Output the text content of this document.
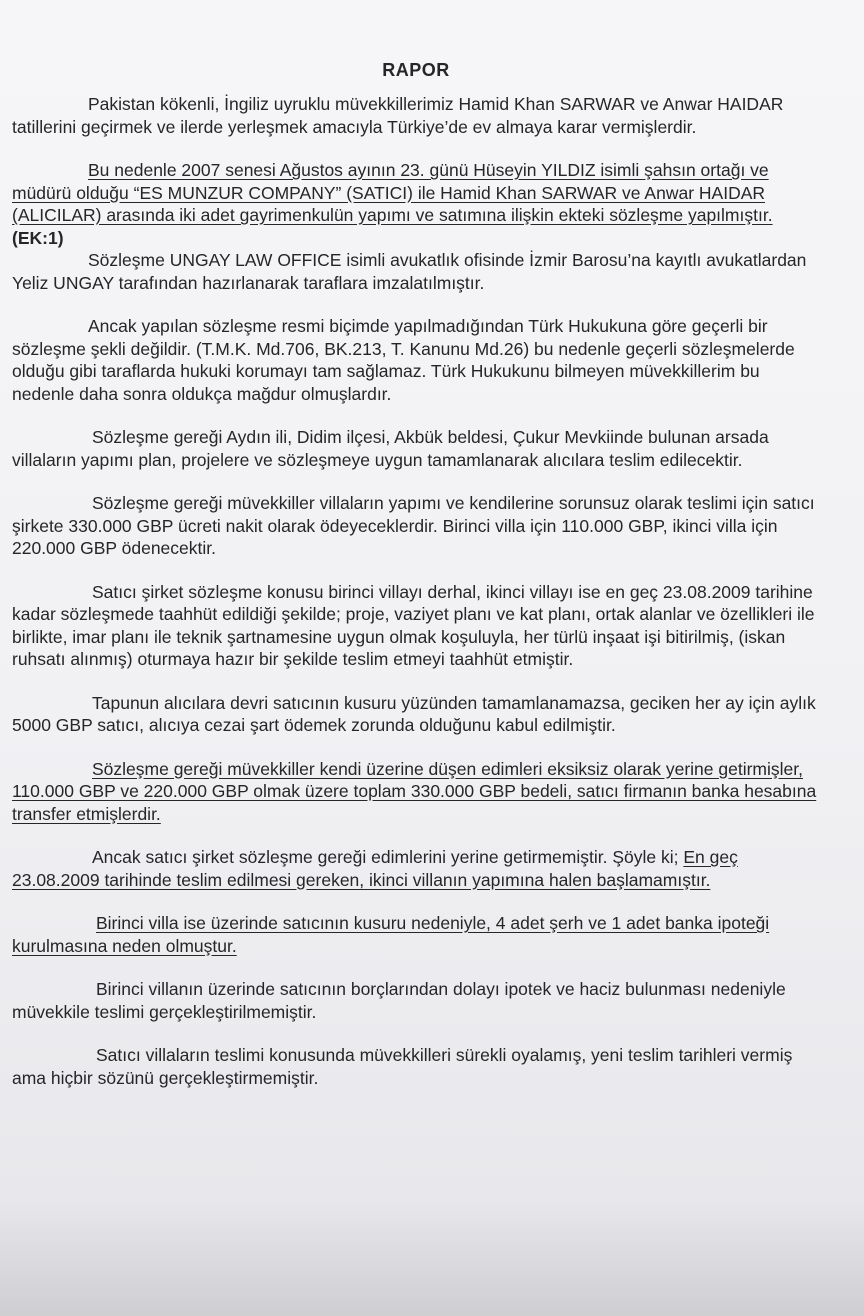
RAPOR

Pakistan kökenli, İngiliz uyruklu müvekkillerimiz Hamid Khan SARWAR ve Anwar HAIDAR tatillerini geçirmek ve ilerde yerleşmek amacıyla Türkiye’de ev almaya karar vermişlerdir.

Bu nedenle 2007 senesi Ağustos ayının 23. günü Hüseyin YILDIZ isimli şahsın ortağı ve müdürü olduğu “ES MUNZUR COMPANY” (SATICI) ile Hamid Khan SARWAR ve Anwar HAIDAR (ALICILAR) arasında iki adet gayrimenkulün yapımı ve satımına ilişkin ekteki sözleşme yapılmıştır. (EK:1)

Sözleşme UNGAY LAW OFFICE isimli avukatlık ofisinde İzmir Barosu’na kayıtlı avukatlardan Yeliz UNGAY tarafından hazırlanarak taraflara imzalatılmıştır.

Ancak yapılan sözleşme resmi biçimde yapılmadığından Türk Hukukuna göre geçerli bir sözleşme şekli değildir. (T.M.K. Md.706, BK.213, T. Kanunu Md.26) bu nedenle geçerli sözleşmelerde olduğu gibi taraflarda hukuki korumayı tam sağlamaz. Türk Hukukunu bilmeyen müvekkillerim bu nedenle daha sonra oldukça mağdur olmuşlardır.

Sözleşme gereği Aydın ili, Didim ilçesi, Akbük beldesi, Çukur Mevkiinde bulunan arsada villaların yapımı plan, projelere ve sözleşmeye uygun tamamlanarak alıcılara teslim edilecektir.

Sözleşme gereği müvekkiller villaların yapımı ve kendilerine sorunsuz olarak teslimi için satıcı şirkete 330.000 GBP ücreti nakit olarak ödeyeceklerdir. Birinci villa için 110.000 GBP, ikinci villa için 220.000 GBP ödenecektir.

Satıcı şirket sözleşme konusu birinci villayı derhal, ikinci villayı ise en geç 23.08.2009 tarihine kadar sözleşmede taahhüt edildiği şekilde; proje, vaziyet planı ve kat planı, ortak alanlar ve özellikleri ile birlikte, imar planı ile teknik şartnamesine uygun olmak koşuluyla, her türlü inşaat işi bitirilmiş, (iskan ruhsatı alınmış) oturmaya hazır bir şekilde teslim etmeyi taahhüt etmiştir.

Tapunun alıcılara devri satıcının kusuru yüzünden tamamlanamazsa, geciken her ay için aylık 5000 GBP satıcı, alıcıya cezai şart ödemek zorunda olduğunu kabul edilmiştir.

Sözleşme gereği müvekkiller kendi üzerine düşen edimleri eksiksiz olarak yerine getirmişler, 110.000 GBP ve 220.000 GBP olmak üzere toplam 330.000 GBP bedeli, satıcı firmanın banka hesabına transfer etmişlerdir.

Ancak satıcı şirket sözleşme gereği edimlerini yerine getirmemiştir. Şöyle ki; En geç 23.08.2009 tarihinde teslim edilmesi gereken, ikinci villanın yapımına halen başlamamıştır.

Birinci villa ise üzerinde satıcının kusuru nedeniyle, 4 adet şerh ve 1 adet banka ipoteği kurulmasına neden olmuştur.

Birinci villanın üzerinde satıcının borçlarından dolayı ipotek ve haciz bulunması nedeniyle müvekkile teslimi gerçekleştirilmemiştir.

Satıcı villaların teslimi konusunda müvekkilleri sürekli oyalamış, yeni teslim tarihleri vermiş ama hiçbir sözünü gerçekleştirmemiştir.
